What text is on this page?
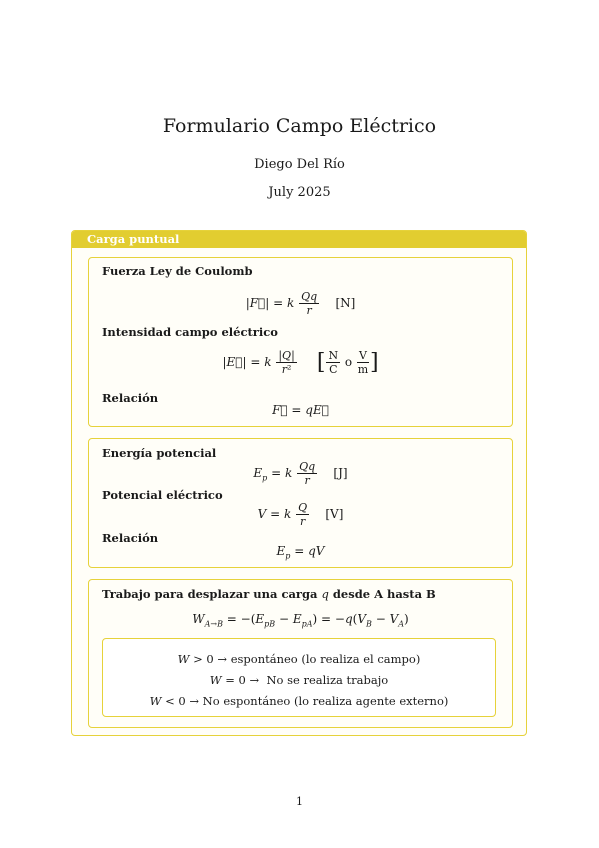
Formulario Campo Eléctrico
Diego Del Río
July 2025
Carga puntual
Fuerza Ley de Coulomb
|F⃗| = k $\frac{Qq}{r} [N]$
Intensidad campo eléctrico
|E⃗| = k $\frac{|Q|}{\text{r²}}$ [ $\frac{N}{C}$ o $\frac{V}{m}$ ]
Relación
F⃗ = qE⃗
Energía potencial
$E_p = k \frac{Qq}{r} [J]$
Potencial eléctrico
V = k $\frac{Q}{r} [V]$
Relación
$E_p$ = qV
Trabajo para desplazar una carga q desde A hasta B
$W_{A\to B} = -(E_{pB} - E_{pA}) = -q(V_B - V_A)$
W > 0 → espontáneo (lo realiza el campo)
W = 0 →  No se realiza trabajo
W < 0 → No espontáneo (lo realiza agente externo)
1
